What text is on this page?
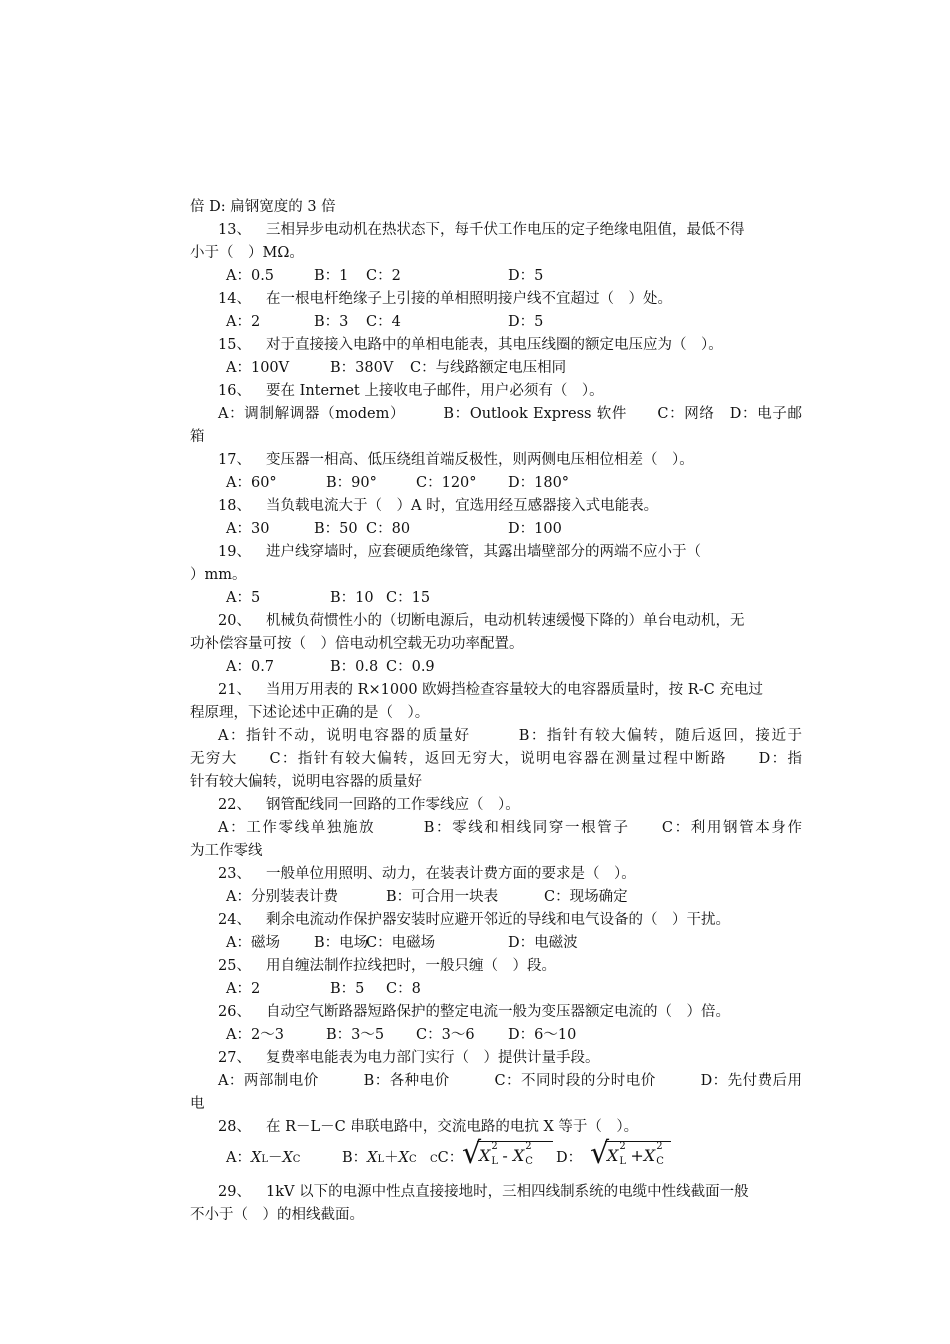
倍 D: 扁钢宽度的 3 倍
13、 三相异步电动机在热状态下，每千伏工作电压的定子绝缘电阻值，最低不得
小于（　）MΩ。
A：0.5	B：1 C：2	D：5
14、 在一根电杆绝缘子上引接的单相照明接户线不宜超过（　）处。
A：2	B：3 C：4	D：5
15、 对于直接接入电路中的单相电能表，其电压线圈的额定电压应为（　）。
A：100V	B：380V C：与线路额定电压相同
16、 要在 Internet 上接收电子邮件，用户必须有（　）。
A：调制解调器（modem）　　　B：Outlook Express 软件　　C：网络　D：电子邮
箱
17、 变压器一相高、低压绕组首端反极性，则两侧电压相位相差（　）。
A：60°	B：90°	C：120° D：180°
18、 当负载电流大于（　）A 时，宜选用经互感器接入式电能表。
A：30	B：50 C：80	D：100
19、 进户线穿墙时，应套硬质绝缘管，其露出墙壁部分的两端不应小于（
）mm。
A：5	B：10 C：15
20、 机械负荷惯性小的（切断电源后，电动机转速缓慢下降的）单台电动机，无
功补偿容量可按（　）倍电动机空载无功功率配置。
A：0.7	B：0.8 C：0.9
21、 当用万用表的 R×1000 欧姆挡检查容量较大的电容器质量时，按 R-C 充电过
程原理，下述论述中正确的是（　）。
A：指针不动，说明电容器的质量好　　　B：指针有较大偏转，随后返回，接近于
无穷大　　C：指针有较大偏转，返回无穷大，说明电容器在测量过程中断路　　D：指
针有较大偏转，说明电容器的质量好
22、 钢管配线同一回路的工作零线应（　）。
A：工作零线单独施放　　　B：零线和相线同穿一根管子　　C：利用钢管本身作
为工作零线
23、 一般单位用照明、动力，在装表计费方面的要求是（　）。
A：分别装表计费	B：可合用一块表	C：现场确定
24、 剩余电流动作保护器安装时应避开邻近的导线和电气设备的（　）干扰。
A：磁场 B：电场
C：电磁场	D：电磁波
25、 用自缠法制作拉线把时，一般只缠（　）段。
A：2	B：5 C：8
26、 自动空气断路器短路保护的整定电流一般为变压器额定电流的（　）倍。
A：2～3	B：3～5 C：3～6 D：6～10
27、 复费率电能表为电力部门实行（　）提供计量手段。
A：两部制电价　　　B：各种电价　　　C：不同时段的分时电价　　　D：先付费后用
电
28、 在 R－L－C 串联电路中，交流电路的电抗 X 等于（　）。
A：XL－XC	B：XL＋XC CC：
√
X 2
L - X 2
C D： √
X 2
L +X 2
C
29、 1kV 以下的电源中性点直接接地时，三相四线制系统的电缆中性线截面一般
不小于（　）的相线截面。
